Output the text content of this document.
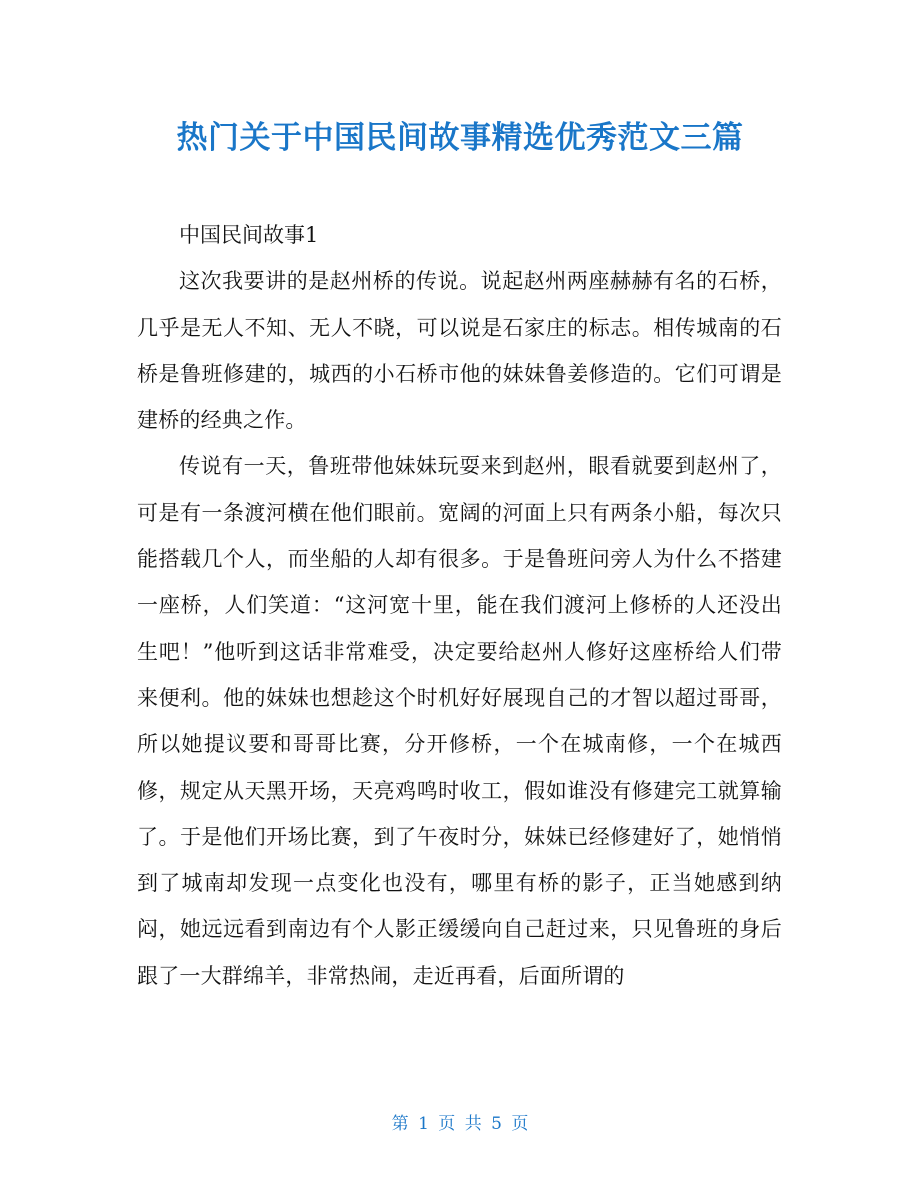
热门关于中国民间故事精选优秀范文三篇

中国民间故事1

这次我要讲的是赵州桥的传说。说起赵州两座赫赫有名的石桥，几乎是无人不知、无人不晓，可以说是石家庄的标志。相传城南的石桥是鲁班修建的，城西的小石桥市他的妹妹鲁姜修造的。它们可谓是建桥的经典之作。

传说有一天，鲁班带他妹妹玩耍来到赵州，眼看就要到赵州了，可是有一条渡河横在他们眼前。宽阔的河面上只有两条小船，每次只能搭载几个人，而坐船的人却有很多。于是鲁班问旁人为什么不搭建一座桥，人们笑道：“这河宽十里，能在我们渡河上修桥的人还没出生吧！”他听到这话非常难受，决定要给赵州人修好这座桥给人们带来便利。他的妹妹也想趁这个时机好好展现自己的才智以超过哥哥，所以她提议要和哥哥比赛，分开修桥，一个在城南修，一个在城西修，规定从天黑开场，天亮鸡鸣时收工，假如谁没有修建完工就算输了。于是他们开场比赛，到了午夜时分，妹妹已经修建好了，她悄悄到了城南却发现一点变化也没有，哪里有桥的影子，正当她感到纳闷，她远远看到南边有个人影正缓缓向自己赶过来，只见鲁班的身后跟了一大群绵羊，非常热闹，走近再看，后面所谓的

第 1 页 共 5 页
